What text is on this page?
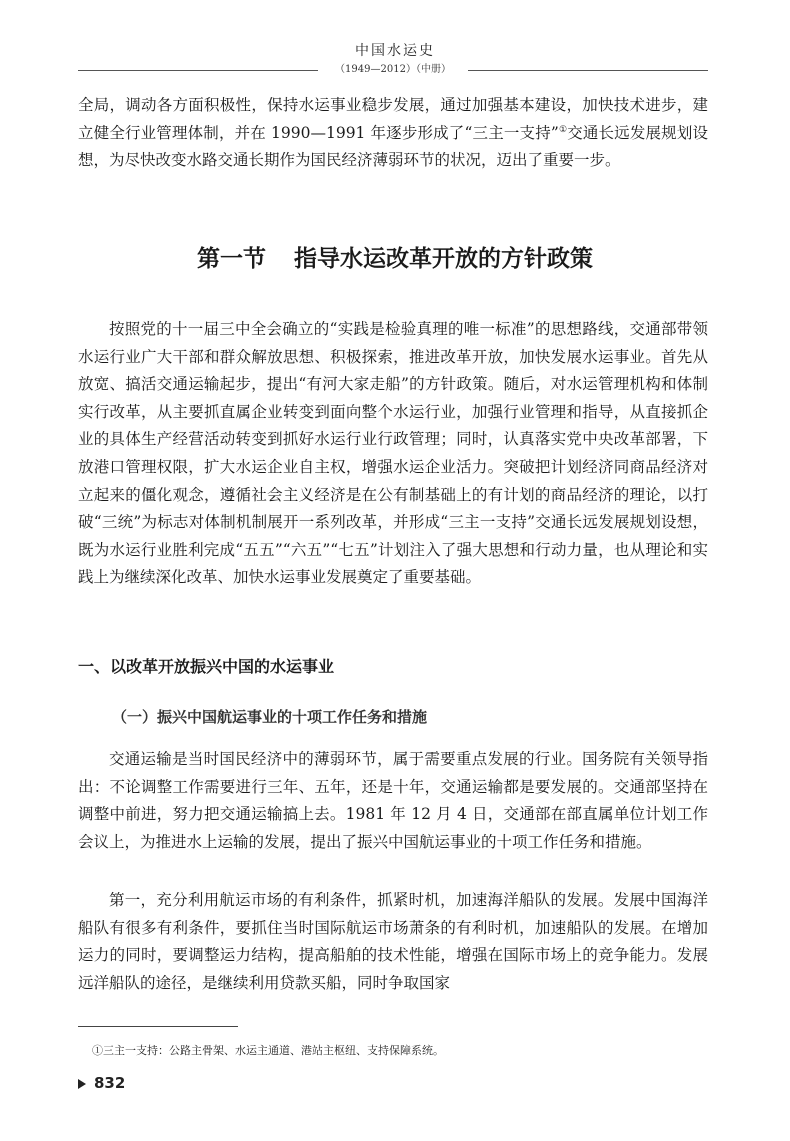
中国水运史
（1949—2012）（中册）

全局，调动各方面积极性，保持水运事业稳步发展，通过加强基本建设，加快技术进步，建立健全行业管理体制，并在 1990—1991 年逐步形成了“三主一支持”①交通长远发展规划设想，为尽快改变水路交通长期作为国民经济薄弱环节的状况，迈出了重要一步。

第一节 指导水运改革开放的方针政策

按照党的十一届三中全会确立的“实践是检验真理的唯一标准”的思想路线，交通部带领水运行业广大干部和群众解放思想、积极探索，推进改革开放，加快发展水运事业。首先从放宽、搞活交通运输起步，提出“有河大家走船”的方针政策。随后，对水运管理机构和体制实行改革，从主要抓直属企业转变到面向整个水运行业，加强行业管理和指导，从直接抓企业的具体生产经营活动转变到抓好水运行业行政管理；同时，认真落实党中央改革部署，下放港口管理权限，扩大水运企业自主权，增强水运企业活力。突破把计划经济同商品经济对立起来的僵化观念，遵循社会主义经济是在公有制基础上的有计划的商品经济的理论，以打破“三统”为标志对体制机制展开一系列改革，并形成“三主一支持”交通长远发展规划设想，既为水运行业胜利完成“五五”“六五”“七五”计划注入了强大思想和行动力量，也从理论和实践上为继续深化改革、加快水运事业发展奠定了重要基础。

一、以改革开放振兴中国的水运事业
（一）振兴中国航运事业的十项工作任务和措施

交通运输是当时国民经济中的薄弱环节，属于需要重点发展的行业。国务院有关领导指出：不论调整工作需要进行三年、五年，还是十年，交通运输都是要发展的。交通部坚持在调整中前进，努力把交通运输搞上去。1981 年 12 月 4 日，交通部在部直属单位计划工作会议上，为推进水上运输的发展，提出了振兴中国航运事业的十项工作任务和措施。

第一，充分利用航运市场的有利条件，抓紧时机，加速海洋船队的发展。发展中国海洋船队有很多有利条件，要抓住当时国际航运市场萧条的有利时机，加速船队的发展。在增加运力的同时，要调整运力结构，提高船舶的技术性能，增强在国际市场上的竞争能力。发展远洋船队的途径，是继续利用贷款买船，同时争取国家

①三主一支持：公路主骨架、水运主通道、港站主枢纽、支持保障系统。
832
